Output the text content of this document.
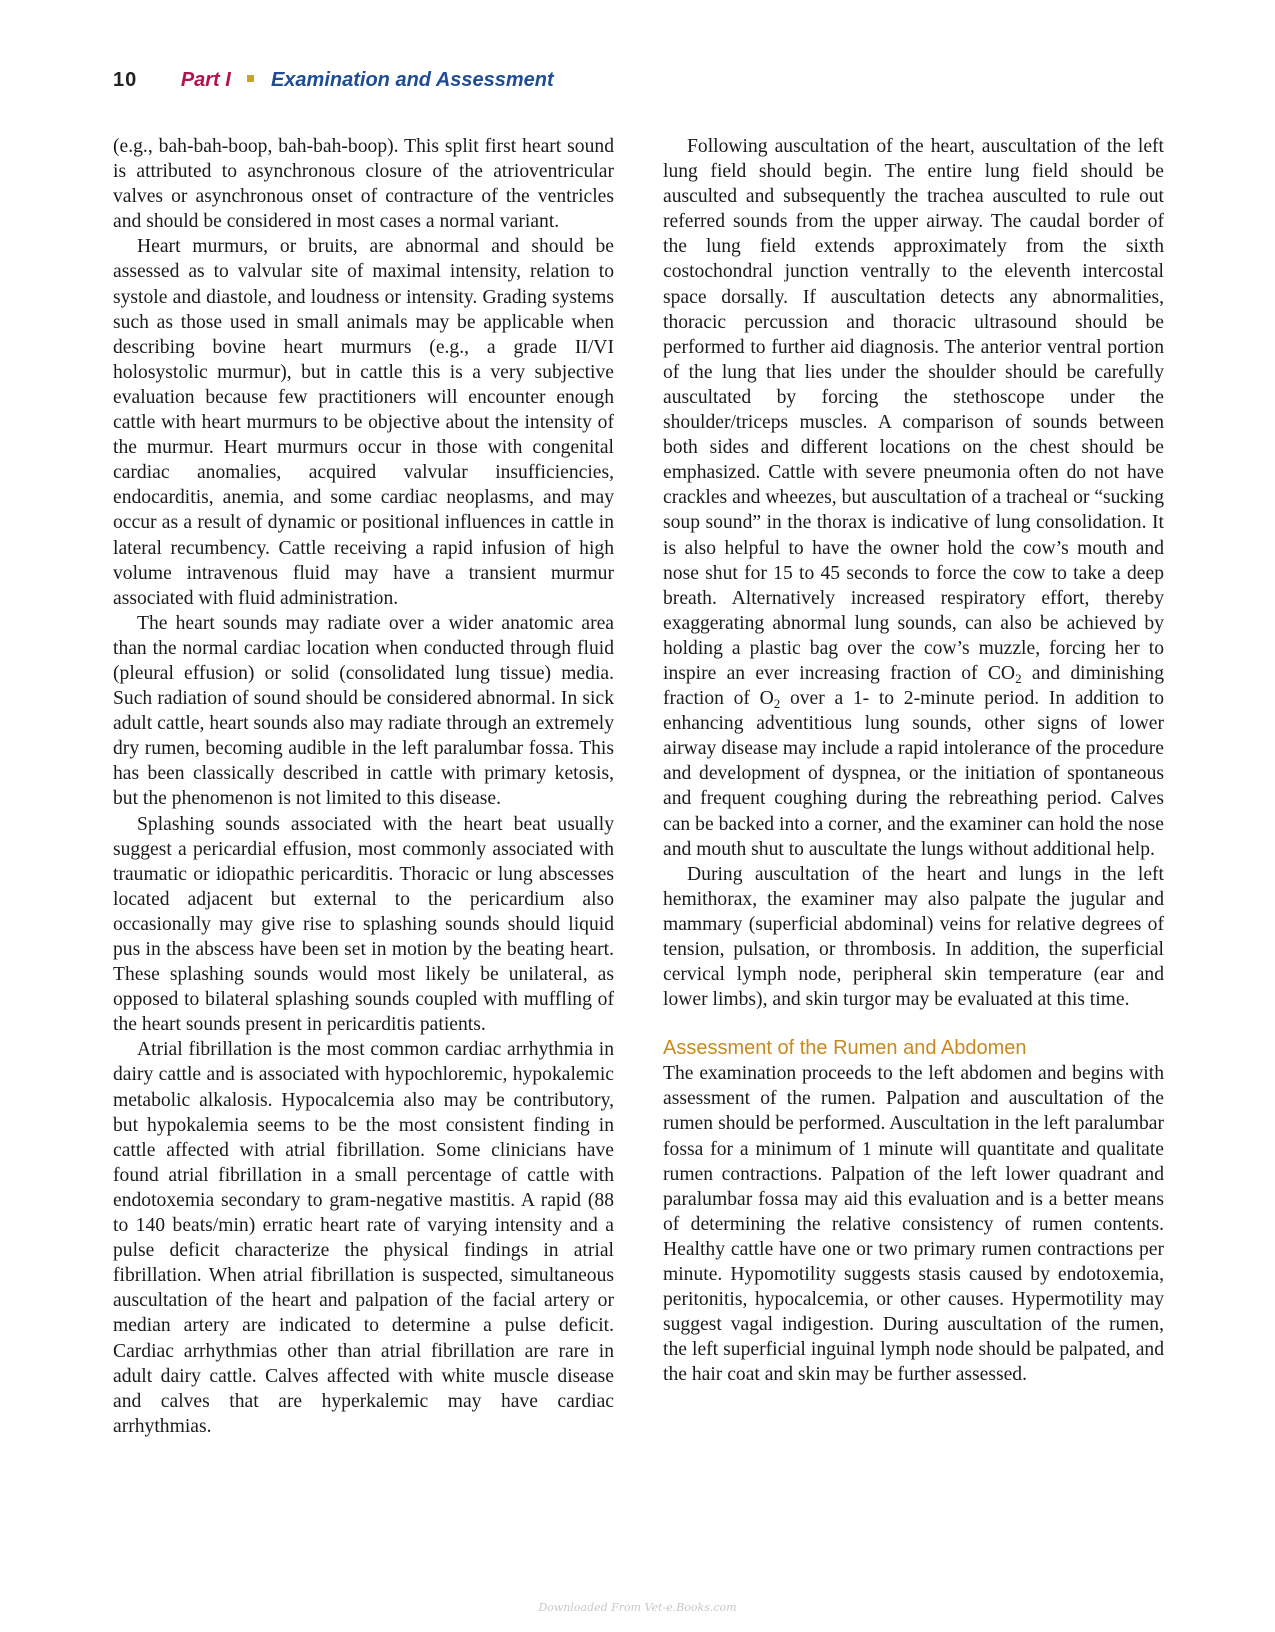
10 Part I Examination and Assessment

(e.g., bah-bah-boop, bah-bah-boop). This split first heart sound is attributed to asynchronous closure of the atrioventricular valves or asynchronous onset of contracture of the ventricles and should be considered in most cases a normal variant.

Heart murmurs, or bruits, are abnormal and should be assessed as to valvular site of maximal intensity, relation to systole and diastole, and loudness or intensity. Grading systems such as those used in small animals may be applicable when describing bovine heart murmurs (e.g., a grade II/VI holosystolic murmur), but in cattle this is a very subjective evaluation because few practitioners will encounter enough cattle with heart murmurs to be objective about the intensity of the murmur. Heart murmurs occur in those with congenital cardiac anomalies, acquired valvular insufficiencies, endocarditis, anemia, and some cardiac neoplasms, and may occur as a result of dynamic or positional influences in cattle in lateral recumbency. Cattle receiving a rapid infusion of high volume intravenous fluid may have a transient murmur associated with fluid administration.

The heart sounds may radiate over a wider anatomic area than the normal cardiac location when conducted through fluid (pleural effusion) or solid (consolidated lung tissue) media. Such radiation of sound should be considered abnormal. In sick adult cattle, heart sounds also may radiate through an extremely dry rumen, becoming audible in the left paralumbar fossa. This has been classically described in cattle with primary ketosis, but the phenomenon is not limited to this disease.

Splashing sounds associated with the heart beat usually suggest a pericardial effusion, most commonly associated with traumatic or idiopathic pericarditis. Thoracic or lung abscesses located adjacent but external to the pericardium also occasionally may give rise to splashing sounds should liquid pus in the abscess have been set in motion by the beating heart. These splashing sounds would most likely be unilateral, as opposed to bilateral splashing sounds coupled with muffling of the heart sounds present in pericarditis patients.

Atrial fibrillation is the most common cardiac arrhythmia in dairy cattle and is associated with hypochloremic, hypokalemic metabolic alkalosis. Hypocalcemia also may be contributory, but hypokalemia seems to be the most consistent finding in cattle affected with atrial fibrillation. Some clinicians have found atrial fibrillation in a small percentage of cattle with endotoxemia secondary to gram-negative mastitis. A rapid (88 to 140 beats/min) erratic heart rate of varying intensity and a pulse deficit characterize the physical findings in atrial fibrillation. When atrial fibrillation is suspected, simultaneous auscultation of the heart and palpation of the facial artery or median artery are indicated to determine a pulse deficit. Cardiac arrhythmias other than atrial fibrillation are rare in adult dairy cattle. Calves affected with white muscle disease and calves that are hyperkalemic may have cardiac arrhythmias.

Following auscultation of the heart, auscultation of the left lung field should begin. The entire lung field should be ausculted and subsequently the trachea ausculted to rule out referred sounds from the upper airway. The caudal border of the lung field extends approximately from the sixth costochondral junction ventrally to the eleventh intercostal space dorsally. If auscultation detects any abnormalities, thoracic percussion and thoracic ultrasound should be performed to further aid diagnosis. The anterior ventral portion of the lung that lies under the shoulder should be carefully auscultated by forcing the stethoscope under the shoulder/triceps muscles. A comparison of sounds between both sides and different locations on the chest should be emphasized. Cattle with severe pneumonia often do not have crackles and wheezes, but auscultation of a tracheal or “sucking soup sound” in the thorax is indicative of lung consolidation. It is also helpful to have the owner hold the cow’s mouth and nose shut for 15 to 45 seconds to force the cow to take a deep breath. Alternatively increased respiratory effort, thereby exaggerating abnormal lung sounds, can also be achieved by holding a plastic bag over the cow’s muzzle, forcing her to inspire an ever increasing fraction of $CO_2$ and diminishing fraction of $O_2$ over a 1- to 2-minute period. In addition to enhancing adventitious lung sounds, other signs of lower airway disease may include a rapid intolerance of the procedure and development of dyspnea, or the initiation of spontaneous and frequent coughing during the rebreathing period. Calves can be backed into a corner, and the examiner can hold the nose and mouth shut to auscultate the lungs without additional help.

During auscultation of the heart and lungs in the left hemithorax, the examiner may also palpate the jugular and mammary (superficial abdominal) veins for relative degrees of tension, pulsation, or thrombosis. In addition, the superficial cervical lymph node, peripheral skin temperature (ear and lower limbs), and skin turgor may be evaluated at this time.

Assessment of the Rumen and Abdomen

The examination proceeds to the left abdomen and begins with assessment of the rumen. Palpation and auscultation of the rumen should be performed. Auscultation in the left paralumbar fossa for a minimum of 1 minute will quantitate and qualitate rumen contractions. Palpation of the left lower quadrant and paralumbar fossa may aid this evaluation and is a better means of determining the relative consistency of rumen contents. Healthy cattle have one or two primary rumen contractions per minute. Hypomotility suggests stasis caused by endotoxemia, peritonitis, hypocalcemia, or other causes. Hypermotility may suggest vagal indigestion. During auscultation of the rumen, the left superficial inguinal lymph node should be palpated, and the hair coat and skin may be further assessed.

Downloaded From Vet-e.Books.com
